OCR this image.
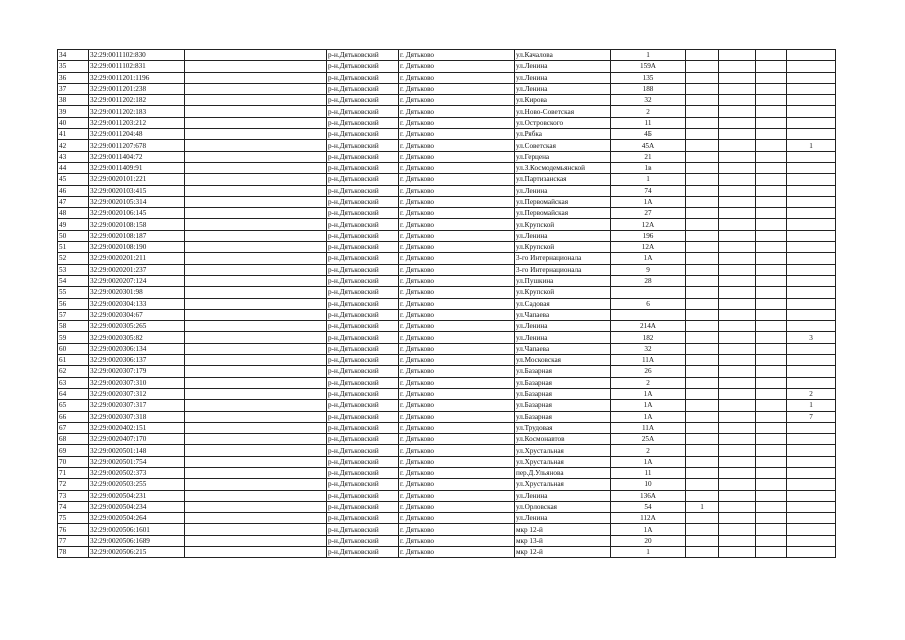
34	32:29:0011102:830		р-н.Дятьковский	г. Дятьково	ул.Качалова	1				
35	32:29:0011102:831		р-н.Дятьковский	г. Дятьково	ул.Ленина	159А				
36	32:29:0011201:1196		р-н.Дятьковский	г. Дятьково	ул.Ленина	135				
37	32:29:0011201:238		р-н.Дятьковский	г. Дятьково	ул.Ленина	188				
38	32:29:0011202:182		р-н.Дятьковский	г. Дятьково	ул.Кирова	32				
39	32:29:0011202:183		р-н.Дятьковский	г. Дятьково	ул.Ново-Советская	2				
40	32:29:0011203:212		р-н.Дятьковский	г. Дятьково	ул.Островского	11				
41	32:29:0011204:48		р-н.Дятьковский	г. Дятьково	ул.Рябка	4Б				
42	32:29:0011207:678		р-н.Дятьковский	г. Дятьково	ул.Советская	45А				1
43	32:29:0011404:72		р-н.Дятьковский	г. Дятьково	ул.Герцена	21				
44	32:29:0011409:91		р-н.Дятьковский	г. Дятьково	ул.З.Космодемьянской	1в				
45	32:29:0020101:221		р-н.Дятьковский	г. Дятьково	ул.Партизанская	1				
46	32:29:0020103:415		р-н.Дятьковский	г. Дятьково	ул.Ленина	74				
47	32:29:0020105:314		р-н.Дятьковский	г. Дятьково	ул.Первомайская	1А				
48	32:29:0020106:145		р-н.Дятьковский	г. Дятьково	ул.Первомайская	27				
49	32:29:0020108:158		р-н.Дятьковский	г. Дятьково	ул.Крупской	12А				
50	32:29:0020108:187		р-н.Дятьковский	г. Дятьково	ул.Ленина	196				
51	32:29:0020108:190		р-н.Дятьковский	г. Дятьково	ул.Крупской	12А				
52	32:29:0020201:211		р-н.Дятьковский	г. Дятьково	3-го Интернационала	1А				
53	32:29:0020201:237		р-н.Дятьковский	г. Дятьково	3-го Интернационала	9				
54	32:29:0020207:124		р-н.Дятьковский	г. Дятьково	ул.Пушкина	28				
55	32:29:0020301:98		р-н.Дятьковский	г. Дятьково	ул.Крупской					
56	32:29:0020304:133		р-н.Дятьковский	г. Дятьково	ул.Садовая	6				
57	32:29:0020304:67		р-н.Дятьковский	г. Дятьково	ул.Чапаева					
58	32:29:0020305:265		р-н.Дятьковский	г. Дятьково	ул.Ленина	214А				
59	32:29:0020305:82		р-н.Дятьковский	г. Дятьково	ул.Ленина	182				3
60	32:29:0020306:134		р-н.Дятьковский	г. Дятьково	ул.Чапаева	32				
61	32:29:0020306:137		р-н.Дятьковский	г. Дятьково	ул.Московская	11А				
62	32:29:0020307:179		р-н.Дятьковский	г. Дятьково	ул.Базарная	26				
63	32:29:0020307:310		р-н.Дятьковский	г. Дятьково	ул.Базарная	2				
64	32:29:0020307:312		р-н.Дятьковский	г. Дятьково	ул.Базарная	1А				2
65	32:29:0020307:317		р-н.Дятьковский	г. Дятьково	ул.Базарная	1А				1
66	32:29:0020307:318		р-н.Дятьковский	г. Дятьково	ул.Базарная	1А				7
67	32:29:0020402:151		р-н.Дятьковский	г. Дятьково	ул.Трудовая	11А				
68	32:29:0020407:170		р-н.Дятьковский	г. Дятьково	ул.Космонавтов	25А				
69	32:29:0020501:148		р-н.Дятьковский	г. Дятьково	ул.Хрустальная	2				
70	32:29:0020501:754		р-н.Дятьковский	г. Дятьково	ул.Хрустальная	1А				
71	32:29:0020502:373		р-н.Дятьковский	г. Дятьково	пер.Д.Ульянова	11				
72	32:29:0020503:255		р-н.Дятьковский	г. Дятьково	ул.Хрустальная	10				
73	32:29:0020504:231		р-н.Дятьковский	г. Дятьково	ул.Ленина	136А				
74	32:29:0020504:234		р-н.Дятьковский	г. Дятьково	ул.Орловская	54	1			
75	32:29:0020504:264		р-н.Дятьковский	г. Дятьково	ул.Ленина	112А				
76	32:29:0020506:1601		р-н.Дятьковский	г. Дятьково	мкр 12-й	1А				
77	32:29:0020506:1689		р-н.Дятьковский	г. Дятьково	мкр 13-й	20				
78	32:29:0020506:215		р-н.Дятьковский	г. Дятьково	мкр 12-й	1				
